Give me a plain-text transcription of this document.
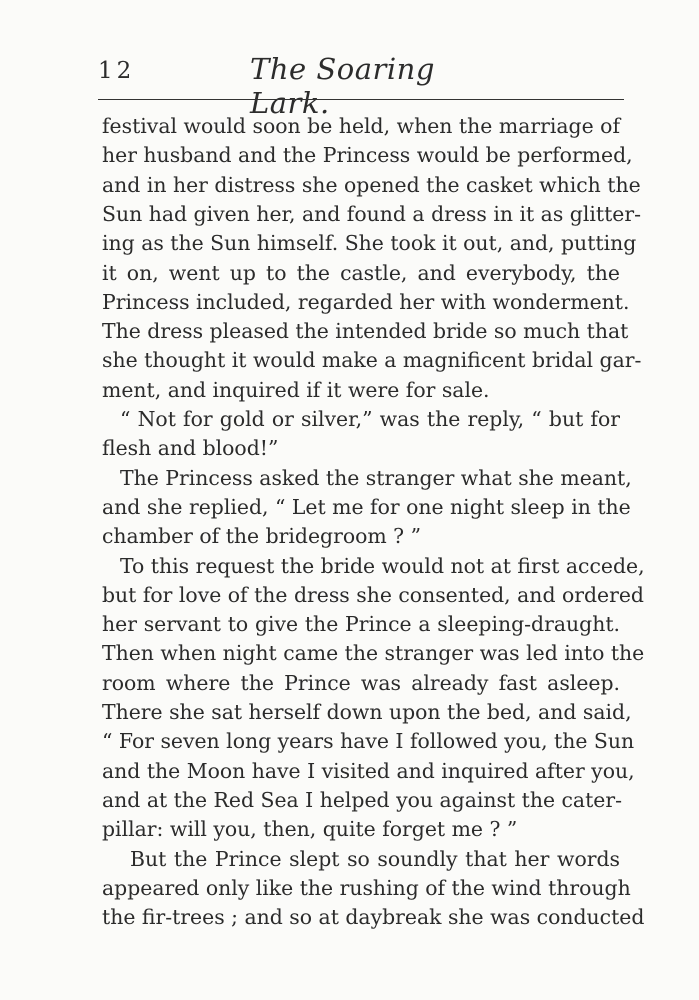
12	The Soaring Lark.
festival would soon be held, when the marriage of
her husband and the Princess would be performed,
and in her distress she opened the casket which the
Sun had given her, and found a dress in it as glitter-
ing as the Sun himself. She took it out, and, putting
it on, went up to the castle, and everybody, the
Princess included, regarded her with wonderment.
The dress pleased the intended bride so much that
she thought it would make a magnificent bridal gar-
ment, and inquired if it were for sale.
“ Not for gold or silver,” was the reply, “ but for
flesh and blood!”
The Princess asked the stranger what she meant,
and she replied, “ Let me for one night sleep in the
chamber of the bridegroom ? ”
To this request the bride would not at first accede,
but for love of the dress she consented, and ordered
her servant to give the Prince a sleeping-draught.
Then when night came the stranger was led into the
room where the Prince was already fast asleep.
There she sat herself down upon the bed, and said,
“ For seven long years have I followed you, the Sun
and the Moon have I visited and inquired after you,
and at the Red Sea I helped you against the cater-
pillar: will you, then, quite forget me ? ”
But the Prince slept so soundly that her words
appeared only like the rushing of the wind through
the fir-trees ; and so at daybreak she was conducted
